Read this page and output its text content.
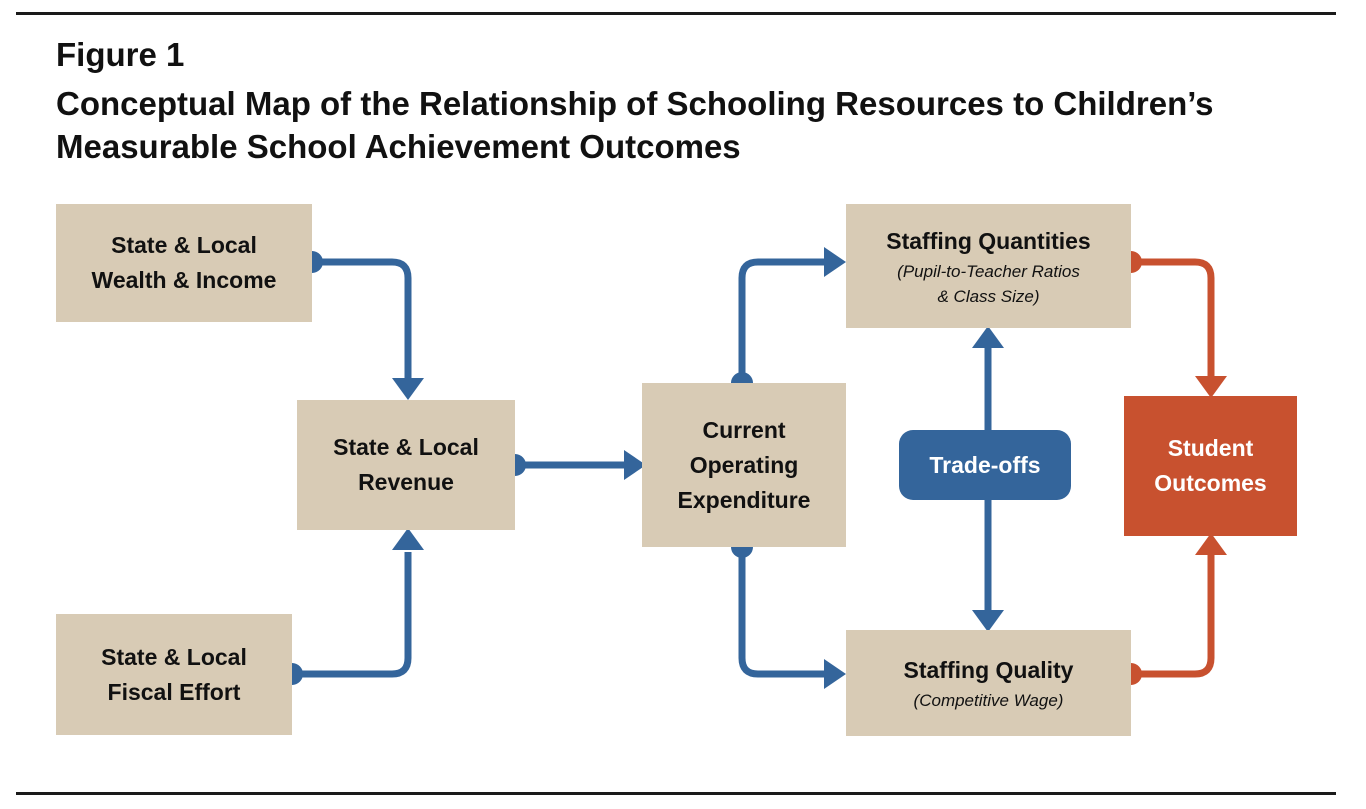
Figure 1
Conceptual Map of the Relationship of Schooling Resources to Children’s Measurable School Achievement Outcomes
State & Local
Wealth & Income
State & Local
Revenue
State & Local
Fiscal Effort
Current
Operating
Expenditure
Staffing Quantities
(Pupil-to-Teacher Ratios
& Class Size)
Staffing Quality
(Competitive Wage)
Student
Outcomes
Trade-offs
